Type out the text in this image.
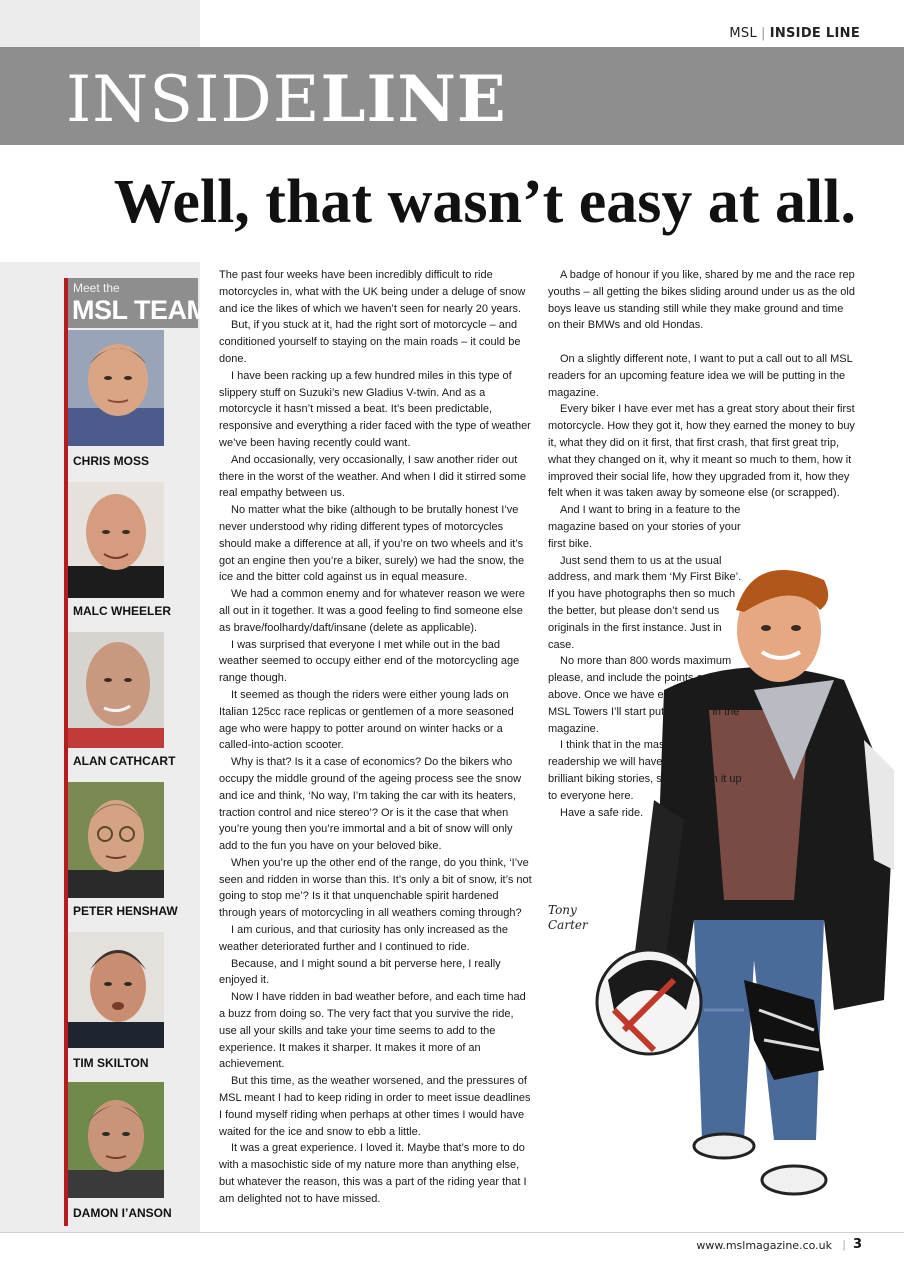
MSL | INSIDE LINE
INSIDELINE
Well, that wasn’t easy at all.
Meet the
MSL TEAM
CHRIS MOSS
MALC WHEELER
ALAN CATHCART
PETER HENSHAW
TIM SKILTON
DAMON I’ANSON

The past four weeks have been incredibly difficult to ride motorcycles in, what with the UK being under a deluge of snow and ice the likes of which we haven’t seen for nearly 20 years.

But, if you stuck at it, had the right sort of motorcycle – and conditioned yourself to staying on the main roads – it could be done.

I have been racking up a few hundred miles in this type of slippery stuff on Suzuki’s new Gladius V-twin. And as a motorcycle it hasn’t missed a beat. It’s been predictable, responsive and everything a rider faced with the type of weather we’ve been having recently could want.

And occasionally, very occasionally, I saw another rider out there in the worst of the weather. And when I did it stirred some real empathy between us.

No matter what the bike (although to be brutally honest I’ve never understood why riding different types of motorcycles should make a difference at all, if you’re on two wheels and it’s got an engine then you’re a biker, surely) we had the snow, the ice and the bitter cold against us in equal measure.

We had a common enemy and for whatever reason we were all out in it together. It was a good feeling to find someone else as brave/foolhardy/daft/insane (delete as applicable).

I was surprised that everyone I met while out in the bad weather seemed to occupy either end of the motorcycling age range though.

It seemed as though the riders were either young lads on Italian 125cc race replicas or gentlemen of a more seasoned age who were happy to potter around on winter hacks or a called-into-action scooter.

Why is that? Is it a case of economics? Do the bikers who occupy the middle ground of the ageing process see the snow and ice and think, ‘No way, I’m taking the car with its heaters, traction control and nice stereo’? Or is it the case that when you’re young then you’re immortal and a bit of snow will only add to the fun you have on your beloved bike.

When you’re up the other end of the range, do you think, ‘I’ve seen and ridden in worse than this. It’s only a bit of snow, it’s not going to stop me’? Is it that unquenchable spirit hardened through years of motorcycling in all weathers coming through?

I am curious, and that curiosity has only increased as the weather deteriorated further and I continued to ride.

Because, and I might sound a bit perverse here, I really enjoyed it.

Now I have ridden in bad weather before, and each time had a buzz from doing so. The very fact that you survive the ride, use all your skills and take your time seems to add to the experience. It makes it sharper. It makes it more of an achievement.

But this time, as the weather worsened, and the pressures of MSL meant I had to keep riding in order to meet issue deadlines I found myself riding when perhaps at other times I would have waited for the ice and snow to ebb a little.

It was a great experience. I loved it. Maybe that’s more to do with a masochistic side of my nature more than anything else, but whatever the reason, this was a part of the riding year that I am delighted not to have missed.

A badge of honour if you like, shared by me and the race rep youths – all getting the bikes sliding around under us as the old boys leave us standing still while they make ground and time on their BMWs and old Hondas.

On a slightly different note, I want to put a call out to all MSL readers for an upcoming feature idea we will be putting in the magazine.

Every biker I have ever met has a great story about their first motorcycle. How they got it, how they earned the money to buy it, what they did on it first, that first crash, that first great trip, what they changed on it, why it meant so much to them, how it improved their social life, how they upgraded from it, how they felt when it was taken away by someone else (or scrapped).

And I want to bring in a feature to the magazine based on your stories of your first bike.

Just send them to us at the usual address, and mark them ‘My First Bike’. If you have photographs then so much the better, but please don’t send us originals in the first instance. Just in case.

No more than 800 words maximum please, and include the points outlined above. Once we have enough here at MSL Towers I’ll start putting them in the magazine.

I think that in the massive MSL readership we will have a mine of brilliant biking stories, so let’s open it up to everyone here.

Have a safe ride.

Tony
Carter
www.mslmagazine.co.uk | 3
